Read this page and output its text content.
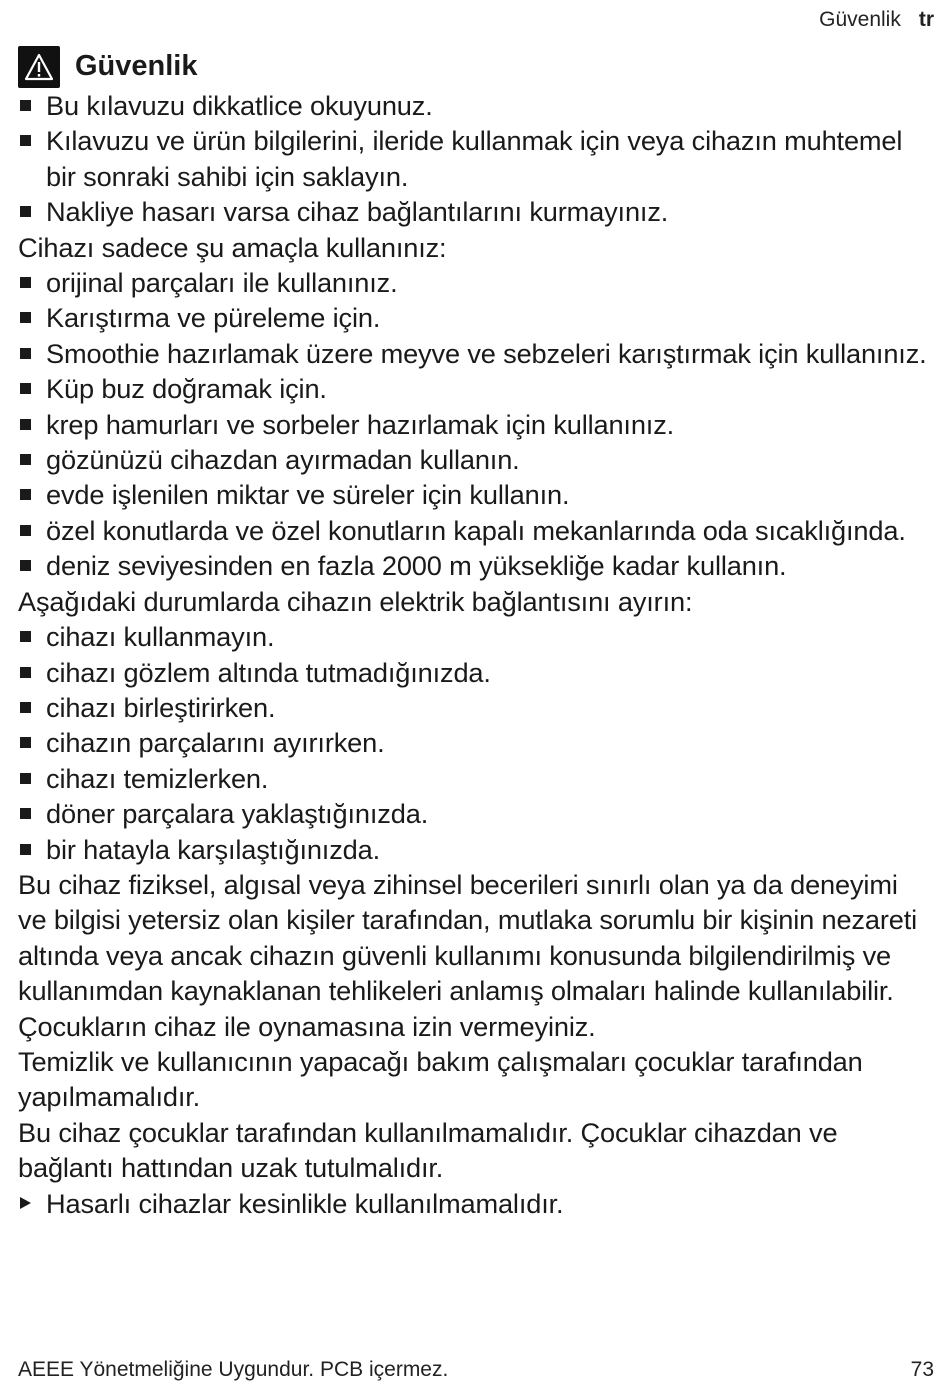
Güvenlik tr
Güvenlik
Bu kılavuzu dikkatlice okuyunuz.
Kılavuzu ve ürün bilgilerini, ileride kullanmak için veya cihazın muhtemel bir sonraki sahibi için saklayın.
Nakliye hasarı varsa cihaz bağlantılarını kurmayınız.

Cihazı sadece şu amaçla kullanınız:

orijinal parçaları ile kullanınız.
Karıştırma ve püreleme için.
Smoothie hazırlamak üzere meyve ve sebzeleri karıştırmak için kullanınız.
Küp buz doğramak için.
krep hamurları ve sorbeler hazırlamak için kullanınız.
gözünüzü cihazdan ayırmadan kullanın.
evde işlenilen miktar ve süreler için kullanın.
özel konutlarda ve özel konutların kapalı mekanlarında oda sıcaklığında.
deniz seviyesinden en fazla 2000 m yüksekliğe kadar kullanın.

Aşağıdaki durumlarda cihazın elektrik bağlantısını ayırın:

cihazı kullanmayın.
cihazı gözlem altında tutmadığınızda.
cihazı birleştirirken.
cihazın parçalarını ayırırken.
cihazı temizlerken.
döner parçalara yaklaştığınızda.
bir hatayla karşılaştığınızda.

Bu cihaz fiziksel, algısal veya zihinsel becerileri sınırlı olan ya da deneyimi ve bilgisi yetersiz olan kişiler tarafından, mutlaka sorumlu bir kişinin nezareti altında veya ancak cihazın güvenli kullanımı konusunda bilgilendirilmiş ve kullanımdan kaynaklanan tehlikeleri anlamış olmaları halinde kullanılabilir.

Çocukların cihaz ile oynamasına izin vermeyiniz.

Temizlik ve kullanıcının yapacağı bakım çalışmaları çocuklar tarafından yapılmamalıdır.

Bu cihaz çocuklar tarafından kullanılmamalıdır. Çocuklar cihazdan ve bağlantı hattından uzak tutulmalıdır.

Hasarlı cihazlar kesinlikle kullanılmamalıdır.
AEEE Yönetmeliğine Uygundur. PCB içermez.	73
